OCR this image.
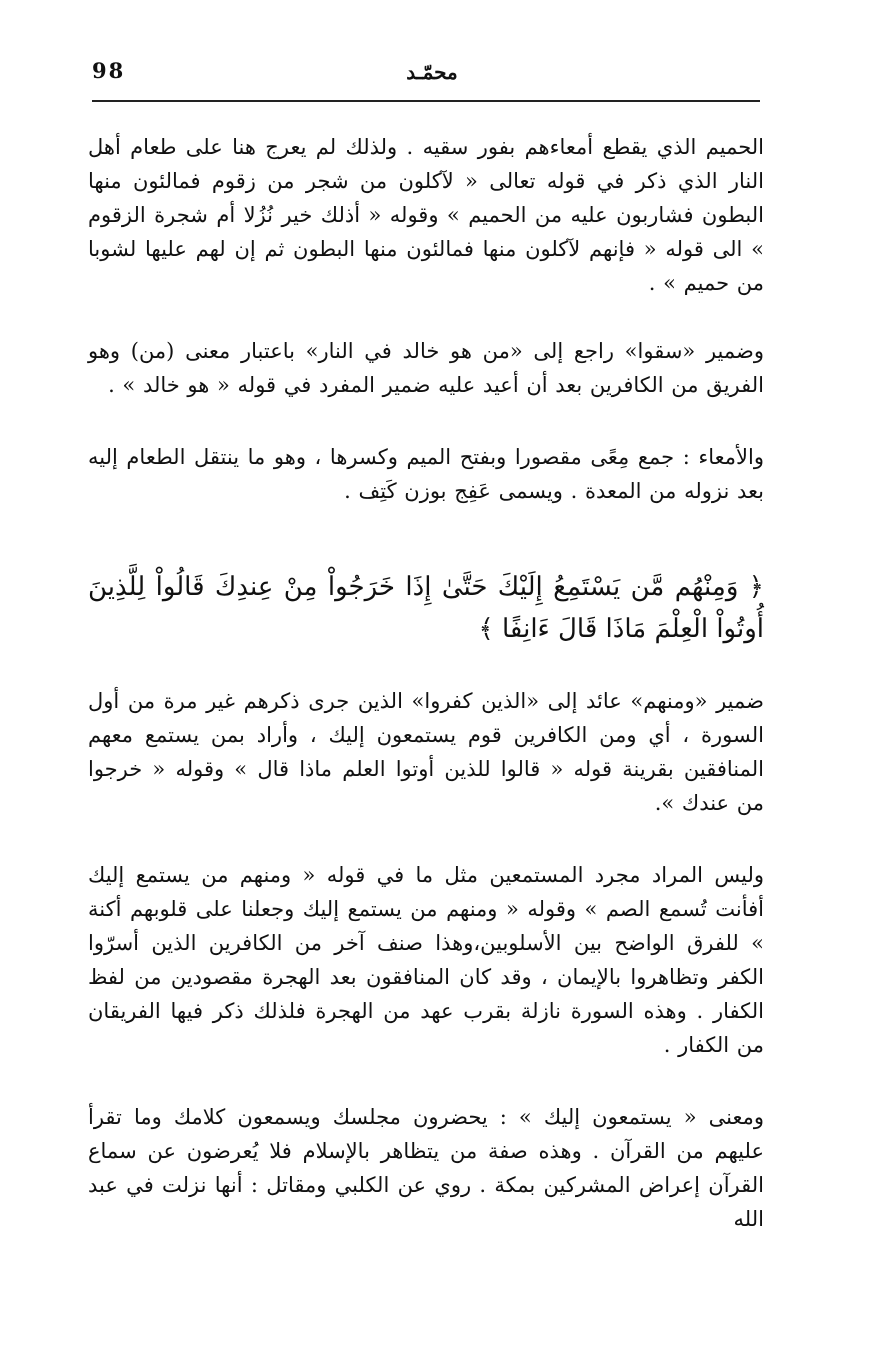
98	محمّـد

الحميم الذي يقطع أمعاءهم بفور سقيه . ولذلك لم يعرج هنا على طعام أهل النار الذي ذكر في قوله تعالى « لآكلون من شجر من زقوم فمالئون منها البطون فشاربون عليه من الحميم » وقوله « أذلك خير نُزُلا أم شجرة الزقوم » الى قوله « فإنهم لآكلون منها فمالئون منها البطون ثم إن لهم عليها لشوبا من حميم » .

وضمير «سقوا» راجع إلى «من هو خالد في النار» باعتبار معنى (من) وهو الفريق من الكافرين بعد أن أعيد عليه ضمير المفرد في قوله « هو خالد » .

والأمعاء : جمع مِعًى مقصورا وبفتح الميم وكسرها ، وهو ما ينتقل الطعام إليه بعد نزوله من المعدة . ويسمى عَفِج بوزن كَتِف .

﴿ وَمِنْهُم مَّن يَسْتَمِعُ إِلَيْكَ حَتَّىٰ إِذَا خَرَجُواْ مِنْ عِندِكَ قَالُواْ لِلَّذِينَ أُوتُواْ الْعِلْمَ مَاذَا قَالَ ءَانِفًا ﴾

ضمير «ومنهم» عائد إلى «الذين كفروا» الذين جرى ذكرهم غير مرة من أول السورة ، أي ومن الكافرين قوم يستمعون إليك ، وأراد بمن يستمع معهم المنافقين بقرينة قوله « قالوا للذين أوتوا العلم ماذا قال » وقوله « خرجوا من عندك ».

وليس المراد مجرد المستمعين مثل ما في قوله « ومنهم من يستمع إليك أفأنت تُسمع الصم » وقوله « ومنهم من يستمع إليك وجعلنا على قلوبهم أكنة » للفرق الواضح بين الأسلوبين،وهذا صنف آخر من الكافرين الذين أسرّوا الكفر وتظاهروا بالإيمان ، وقد كان المنافقون بعد الهجرة مقصودين من لفظ الكفار . وهذه السورة نازلة بقرب عهد من الهجرة فلذلك ذكر فيها الفريقان من الكفار .

ومعنى « يستمعون إليك » : يحضرون مجلسك ويسمعون كلامك وما تقرأ عليهم من القرآن . وهذه صفة من يتظاهر بالإسلام فلا يُعرضون عن سماع القرآن إعراض المشركين بمكة . روي عن الكلبي ومقاتل : أنها نزلت في عبد الله
